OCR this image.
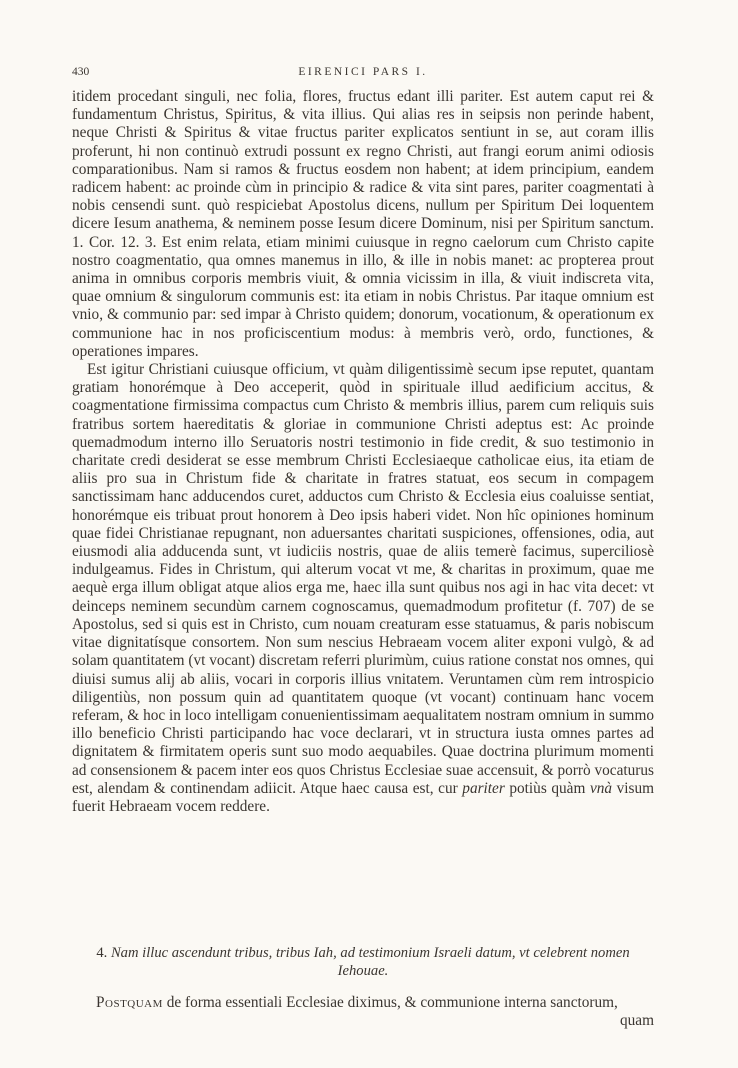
430	EIRENICI PARS I.

itidem procedant singuli, nec folia, flores, fructus edant illi pariter. Est autem caput rei & fundamentum Christus, Spiritus, & vita illius. Qui alias res in seipsis non perinde habent, neque Christi & Spiritus & vitae fructus pariter explicatos sentiunt in se, aut coram illis proferunt, hi non continuò extrudi possunt ex regno Christi, aut frangi eorum animi odiosis comparationibus. Nam si ramos & fructus eosdem non habent; at idem principium, eandem radicem habent: ac proinde cùm in principio & radice & vita sint pares, pariter coagmentati à nobis censendi sunt. quò respiciebat Apostolus dicens, nullum per Spiritum Dei loquentem dicere Iesum anathema, & neminem posse Iesum dicere Dominum, nisi per Spiritum sanctum. 1. Cor. 12. 3. Est enim relata, etiam minimi cuiusque in regno caelorum cum Christo capite nostro coagmentatio, qua omnes manemus in illo, & ille in nobis manet: ac propterea prout anima in omnibus corporis membris viuit, & omnia vicissim in illa, & viuit indiscreta vita, quae omnium & singulorum communis est: ita etiam in nobis Christus. Par itaque omnium est vnio, & communio par: sed impar à Christo quidem; donorum, vocationum, & operationum ex communione hac in nos proficiscentium modus: à membris verò, ordo, functiones, & operationes impares.

Est igitur Christiani cuiusque officium, vt quàm diligentissimè secum ipse reputet, quantam gratiam honorémque à Deo acceperit, quòd in spirituale illud aedificium accitus, & coagmentatione firmissima compactus cum Christo & membris illius, parem cum reliquis suis fratribus sortem haereditatis & gloriae in communione Christi adeptus est: Ac proinde quemadmodum interno illo Seruatoris nostri testimonio in fide credit, & suo testimonio in charitate credi desiderat se esse membrum Christi Ecclesiaeque catholicae eius, ita etiam de aliis pro sua in Christum fide & charitate in fratres statuat, eos secum in compagem sanctissimam hanc adducendos curet, adductos cum Christo & Ecclesia eius coaluisse sentiat, honorémque eis tribuat prout honorem à Deo ipsis haberi videt. Non hîc opiniones hominum quae fidei Christianae repugnant, non aduersantes charitati suspiciones, offensiones, odia, aut eiusmodi alia adducenda sunt, vt iudiciis nostris, quae de aliis temerè facimus, superciliosè indulgeamus. Fides in Christum, qui alterum vocat vt me, & charitas in proximum, quae me aequè erga illum obligat atque alios erga me, haec illa sunt quibus nos agi in hac vita decet: vt deinceps neminem secundùm carnem cognoscamus, quemadmodum profitetur (f. 707) de se Apostolus, sed si quis est in Christo, cum nouam creaturam esse statuamus, & paris nobiscum vitae dignitatísque consortem. Non sum nescius Hebraeam vocem aliter exponi vulgò, & ad solam quantitatem (vt vocant) discretam referri plurimùm, cuius ratione constat nos omnes, qui diuisi sumus alij ab aliis, vocari in corporis illius vnitatem. Veruntamen cùm rem introspicio diligentiùs, non possum quin ad quantitatem quoque (vt vocant) continuam hanc vocem referam, & hoc in loco intelligam conuenientissimam aequalitatem nostram omnium in summo illo beneficio Christi participando hac voce declarari, vt in structura iusta omnes partes ad dignitatem & firmitatem operis sunt suo modo aequabiles. Quae doctrina plurimum momenti ad consensionem & pacem inter eos quos Christus Ecclesiae suae accensuit, & porrò vocaturus est, alendam & continendam adiicit. Atque haec causa est, cur pariter potiùs quàm vnà visum fuerit Hebraeam vocem reddere.

4. Nam illuc ascendunt tribus, tribus Iah, ad testimonium Israeli datum, vt celebrent nomen Iehouae.
Postquam de forma essentiali Ecclesiae diximus, & communione interna sanctorum,
quam
